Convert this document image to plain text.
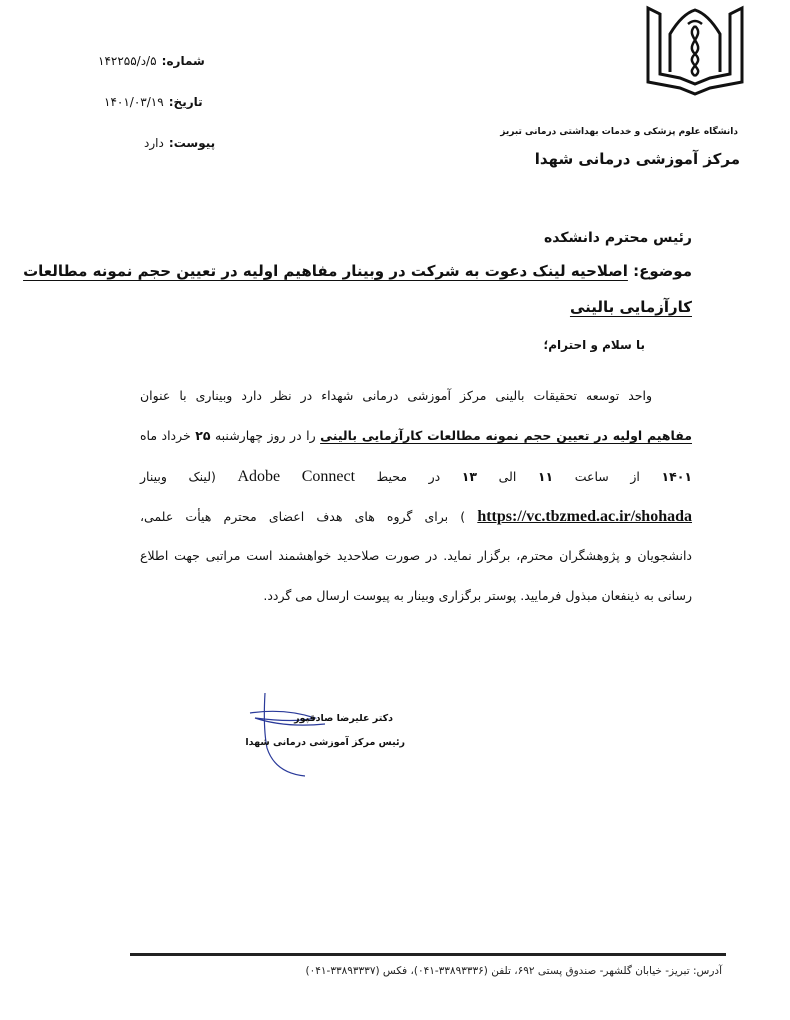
دانشگاه علوم پزشکی و خدمات بهداشتی درمانی تبریز
مرکز آموزشی درمانی شهدا
شماره: ۵/د/۱۴۲۲۵۵
تاریخ: ۱۴۰۱/۰۳/۱۹
پیوست: دارد
رئیس محترم دانشکده
موضوع: اصلاحیه لینک دعوت به شرکت در وبینار مفاهیم اولیه در تعیین حجم نمونه مطالعات
کارآزمایی بالینی
با سلام و احترام؛
واحد توسعه تحقیقات بالینی مرکز آموزشی درمانی شهداء در نظر دارد وبیناری با عنوان
مفاهیم اولیه در تعیین حجم نمونه مطالعات کارآزمایی بالینی را در روز چهارشنبه ۲۵ خرداد ماه
۱۴۰۱ از ساعت ۱۱ الی ۱۳ در محیط Adobe Connect (لینک وبینار
https://vc.tbzmed.ac.ir/shohada ) برای گروه های هدف اعضای محترم هیأت علمی،
دانشجویان و پژوهشگران محترم، برگزار نماید. در صورت صلاحدید خواهشمند است مراتبی جهت اطلاع
رسانی به ذینفعان مبذول فرمایید. پوستر برگزاری وبینار به پیوست ارسال می گردد.
دکتر علیرضا صادقپور
رئیس مرکز آموزشی درمانی شهدا
آدرس: تبریز- خیابان گلشهر- صندوق پستی ۶۹۲، تلفن (۳۳۸۹۳۳۳۶-۰۴۱)، فکس (۳۳۸۹۳۳۳۷-۰۴۱)
